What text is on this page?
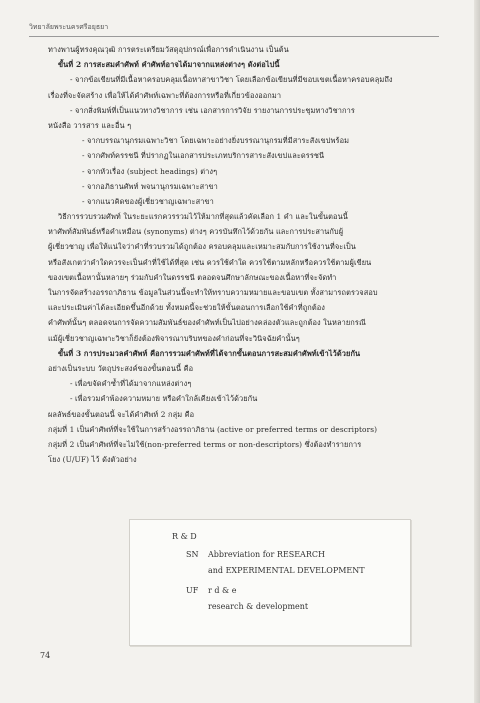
วิทยาลัยพระนครศรีอยุธยา
ทางพานผู้ทรงคุณวุฒิ การตระเตรียมวัสดุอุปกรณ์เพื่อการดำเนินงาน เป็นต้น
ขั้นที่ 2 การสะสมคำศัพท์ คำศัพท์อาจได้มาจากแหล่งต่างๆ ดังต่อไปนี้
- จากข้อเขียนที่มีเนื้อหาครอบคลุมเนื้อหาสาขาวิชา โดยเลือกข้อเขียนที่มีขอบเขตเนื้อหาครอบคลุมถึง
เรื่องที่จะจัดสร้าง เพื่อให้ได้คำศัพท์เฉพาะที่ต้องการหรือที่เกี่ยวข้องออกมา
- จากสิ่งพิมพ์ที่เป็นแนวทางวิชาการ เช่น เอกสารการวิจัย รายงานการประชุมทางวิชาการ
หนังสือ วารสาร และอื่น ๆ
- จากบรรณานุกรมเฉพาะวิชา โดยเฉพาะอย่างยิ่งบรรณานุกรมที่มีสาระสังเขปพร้อม
- จากศัพท์ครรชนี ที่ปรากฏในเอกสารประเภทบริการสาระสังเขปและดรรชนี
- จากหัวเรื่อง (subject headings) ต่างๆ
- จากอภิธานศัพท์ พจนานุกรมเฉพาะสาขา
- จากแนวคิดของผู้เชี่ยวชาญเฉพาะสาขา
วิธีการรวบรวมศัพท์ ในระยะแรกควรรวมไว้ให้มากที่สุดแล้วคัดเลือก 1 คำ และในขั้นตอนนี้
หาศัพท์สัมพันธ์หรือคำเหมือน (synonyms) ต่างๆ ควรบันทึกไว้ด้วยกัน และการประสานกับผู้
ผู้เชี่ยวชาญ เพื่อให้แน่ใจว่าคำที่รวบรวมได้ถูกต้อง ครอบคลุมและเหมาะสมกับการใช้งานที่จะเป็น
หรือสังเกตว่าคำใดควรจะเป็นคำที่ใช้ได้ที่สุด เช่น ควรใช้คำใด ควรใช้ตามหลักหรือควรใช้ตามผู้เขียน
ของเขตเนื้อหานั้นหลายๆ ร่วมกับคำในดรรชนี ตลอดจนศึกษาลักษณะของเนื้อหาที่จะจัดทำ
ในการจัดสร้างอรรถาภิธาน ข้อมูลในส่วนนี้จะทำให้ทราบความหมายและขอบเขต ทั้งสามารถตรวจสอบ
และประเมินค่าได้ละเอียดขึ้นอีกด้วย ทั้งหมดนี้จะช่วยให้ขั้นตอนการเลือกใช้คำที่ถูกต้อง
คำศัพท์นั้นๆ ตลอดจนการจัดความสัมพันธ์ของคำศัพท์เป็นไปอย่างคล่องตัวและถูกต้อง ในหลายกรณี
แม้ผู้เชี่ยวชาญเฉพาะวิชาก็ยังต้องพิจารณาบริบทของคำก่อนที่จะวินิจฉัยคำนั้นๆ
ขั้นที่ 3 การประมวลคำศัพท์ คือการรวมคำศัพท์ที่ได้จากขั้นตอนการสะสมคำศัพท์เข้าไว้ด้วยกัน
อย่างเป็นระบบ วัตถุประสงค์ของขั้นตอนนี้ คือ
- เพื่อขจัดคำซ้ำที่ได้มาจากแหล่งต่างๆ
- เพื่อรวมคำพ้องความหมาย หรือคำใกล้เคียงเข้าไว้ด้วยกัน
ผลลัพธ์ของขั้นตอนนี้ จะได้คำศัพท์ 2 กลุ่ม คือ
กลุ่มที่ 1 เป็นคำศัพท์ที่จะใช้ในการสร้างอรรถาภิธาน (active or preferred terms or descriptors)
กลุ่มที่ 2 เป็นคำศัพท์ที่จะไม่ใช้(non-preferred terms or non-descriptors) ซึ่งต้องทำรายการ
โยง (U/UF) ไว้ ดังตัวอย่าง
R & D
SN Abbreviation for RESEARCH
and EXPERIMENTAL DEVELOPMENT
UF r d & e
research & development
74
